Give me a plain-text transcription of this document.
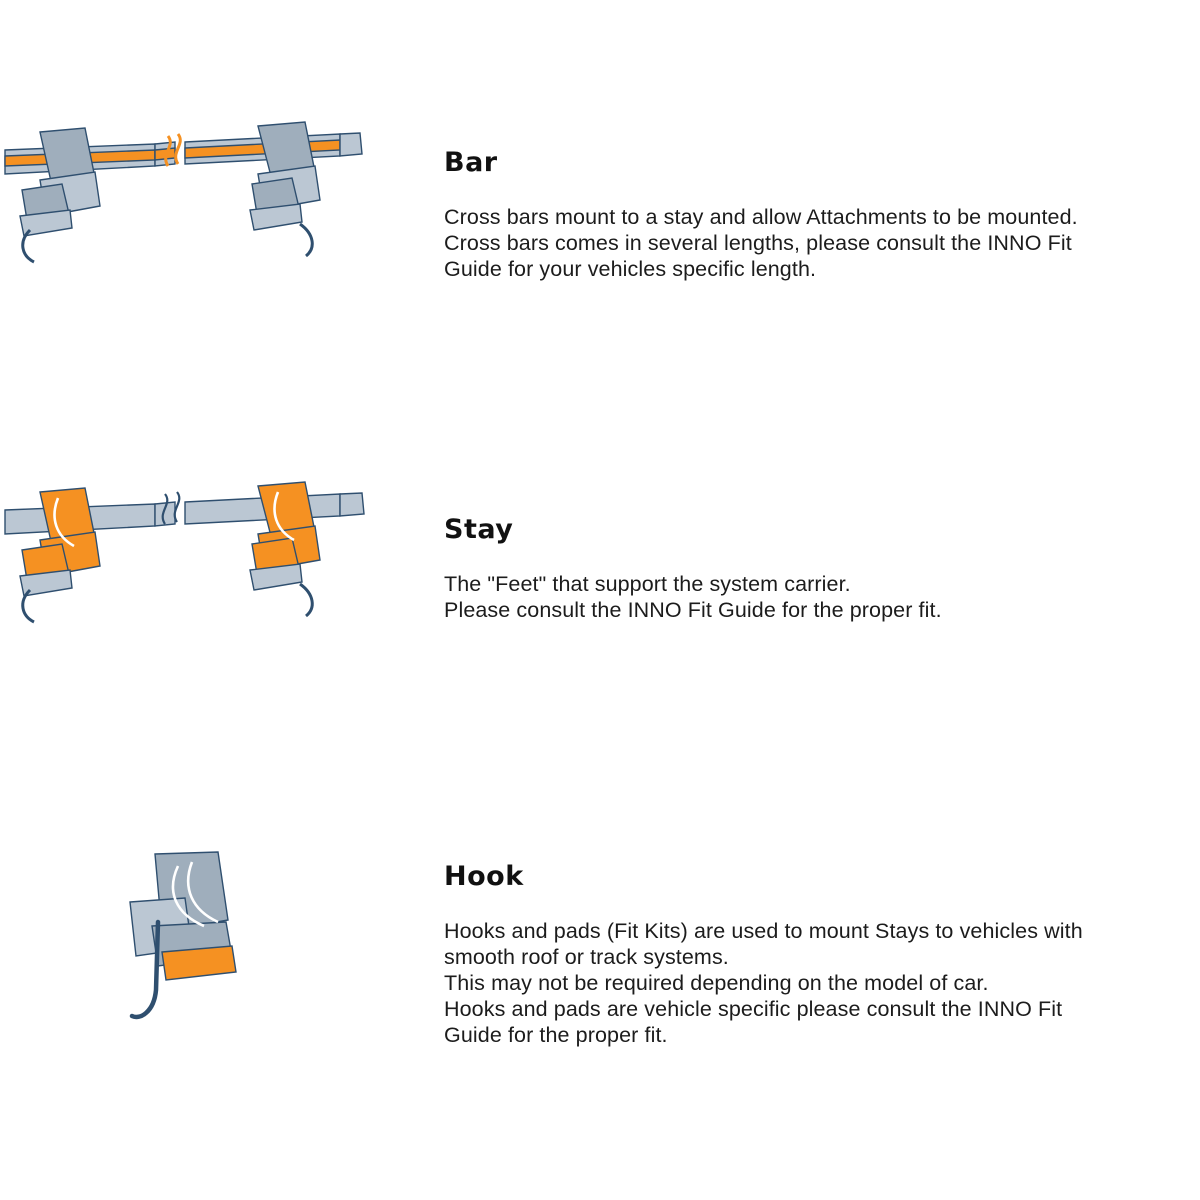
Bar
Cross bars mount to a stay and allow Attachments to be mounted.
Cross bars comes in several lengths, please consult the INNO Fit
Guide for your vehicles specific length.
Stay
The "Feet" that support the system carrier.
Please consult the INNO Fit Guide for the proper fit.
Hook
Hooks and pads (Fit Kits) are used to mount Stays to vehicles with
smooth roof or track systems.
This may not be required depending on the model of car.
Hooks and pads are vehicle specific please consult the INNO Fit
Guide for the proper fit.
